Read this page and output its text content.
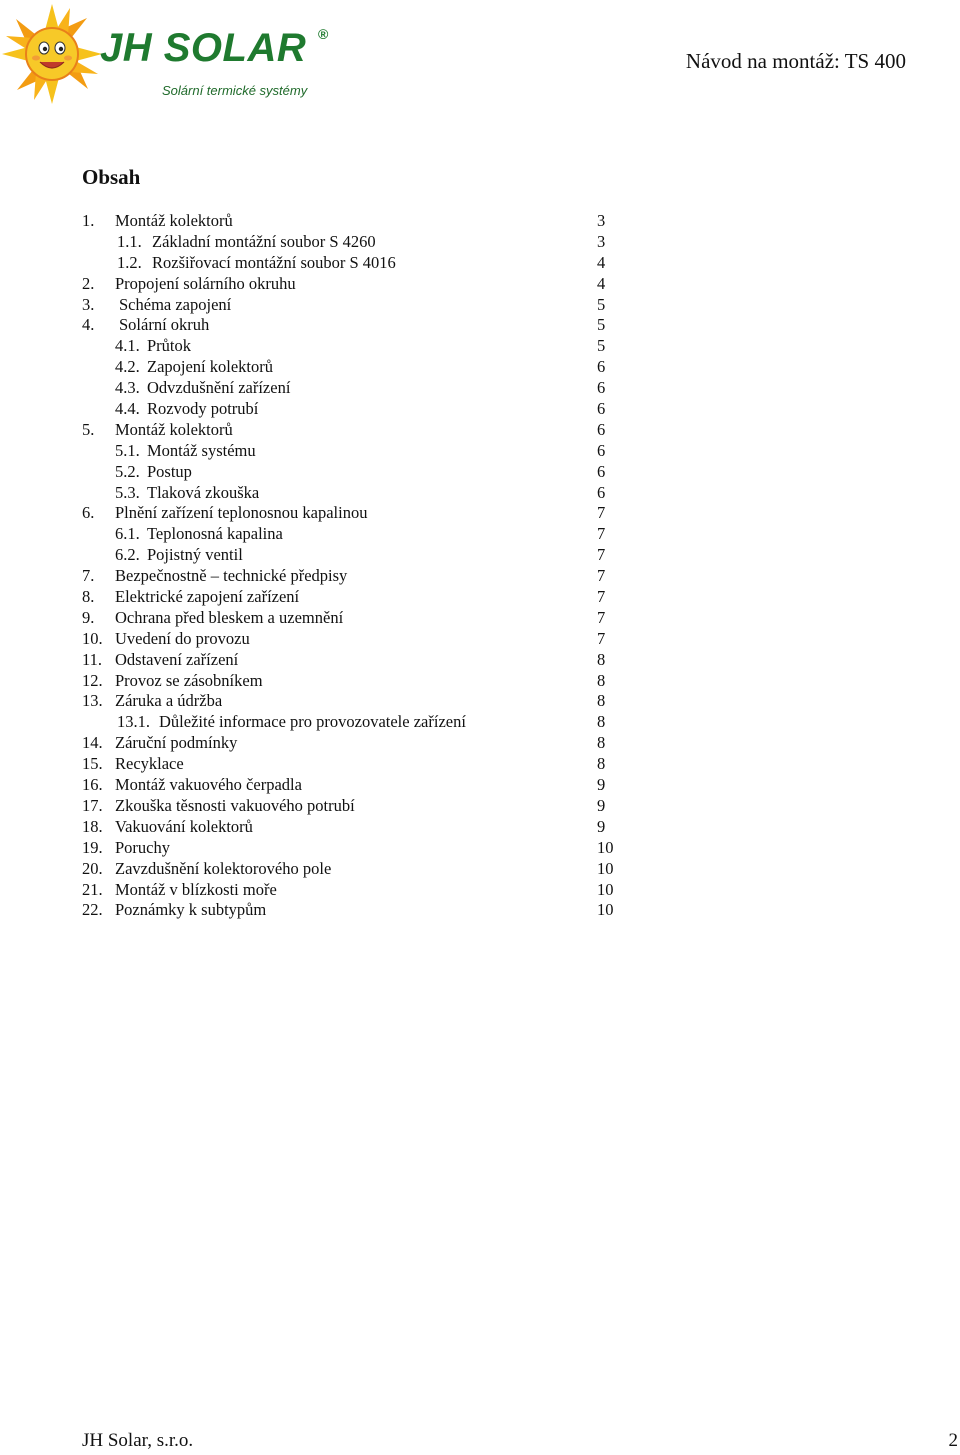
JH SOLAR ®
Solární termické systémy
Návod na montáž: TS 400
Obsah
1. Montáž kolektorů	3
1.1. Základní montážní soubor S 4260	3
1.2. Rozšiřovací montážní soubor S 4016	4
2. Propojení solárního okruhu	4
3. Schéma zapojení	5
4. Solární okruh	5
4.1. Průtok	5
4.2. Zapojení kolektorů	6
4.3. Odvzdušnění zařízení	6
4.4. Rozvody potrubí	6
5. Montáž kolektorů	6
5.1. Montáž systému	6
5.2. Postup	6
5.3. Tlaková zkouška	6
6. Plnění zařízení teplonosnou kapalinou	7
6.1. Teplonosná kapalina	7
6.2. Pojistný ventil	7
7. Bezpečnostně – technické předpisy	7
8. Elektrické zapojení zařízení	7
9. Ochrana před bleskem a uzemnění	7
10. Uvedení do provozu	7
11. Odstavení zařízení	8
12. Provoz se zásobníkem	8
13. Záruka a údržba	8
13.1. Důležité informace pro provozovatele zařízení	8
14. Záruční podmínky	8
15. Recyklace	8
16. Montáž vakuového čerpadla	9
17. Zkouška těsnosti vakuového potrubí	9
18. Vakuování kolektorů	9
19. Poruchy	10
20. Zavzdušnění kolektorového pole	10
21. Montáž v blízkosti moře	10
22. Poznámky k subtypům	10
JH Solar, s.r.o.	2
